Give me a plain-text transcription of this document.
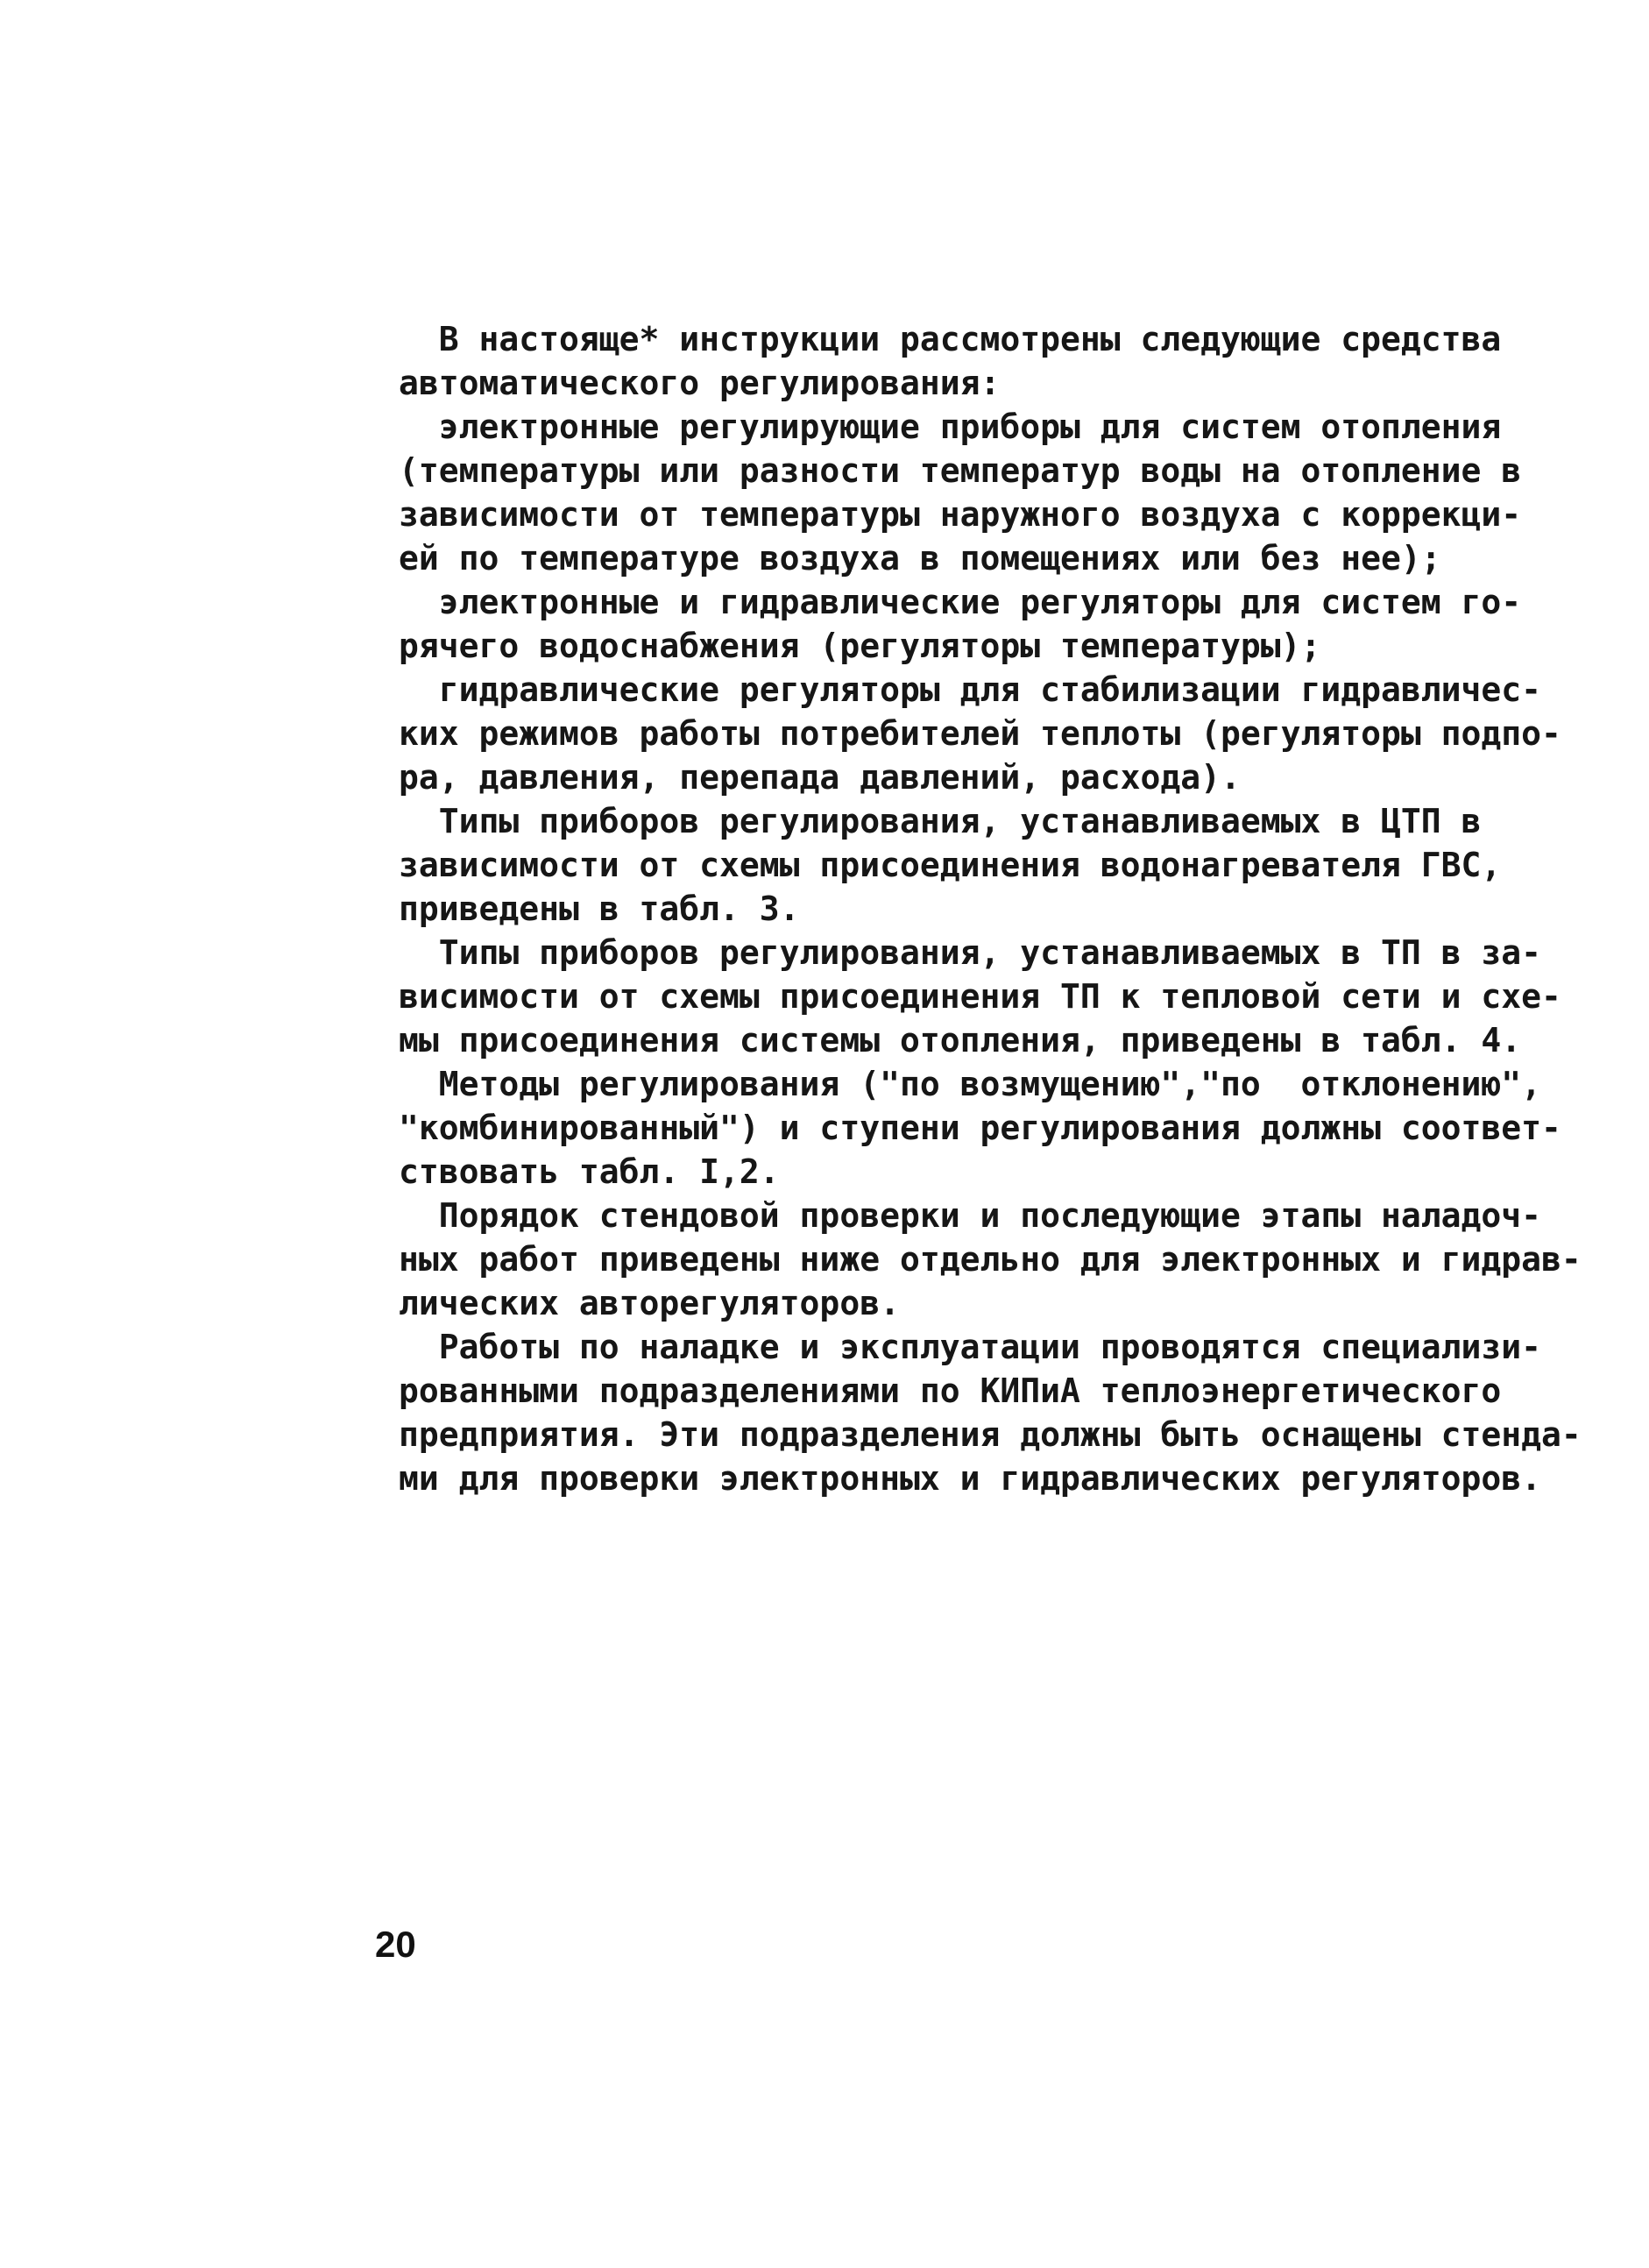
В настояще* инструкции рассмотрены следующие средства
автоматического регулирования:
электронные регулирующие приборы для систем отопления
(температуры или разности температур воды на отопление в
зависимости от температуры наружного воздуха с коррекци-
ей по температуре воздуха в помещениях или без нее);
электронные и гидравлические регуляторы для систем го-
рячего водоснабжения (регуляторы температуры);
гидравлические регуляторы для стабилизации гидравличес-
ких режимов работы потребителей теплоты (регуляторы подпо-
ра, давления, перепада давлений, расхода).
Типы приборов регулирования, устанавливаемых в ЦТП в
зависимости от схемы присоединения водонагревателя ГВС,
приведены в табл. 3.
Типы приборов регулирования, устанавливаемых в ТП в за-
висимости от схемы присоединения ТП к тепловой сети и схе-
мы присоединения системы отопления, приведены в табл. 4.
Методы регулирования ("по возмущению","по  отклонению",
"комбинированный") и ступени регулирования должны соответ-
ствовать табл. I,2.
Порядок стендовой проверки и последующие этапы наладоч-
ных работ приведены ниже отдельно для электронных и гидрав-
лических авторегуляторов.
Работы по наладке и эксплуатации проводятся специализи-
рованными подразделениями по КИПиА теплоэнергетического
предприятия. Эти подразделения должны быть оснащены стенда-
ми для проверки электронных и гидравлических регуляторов.
20
